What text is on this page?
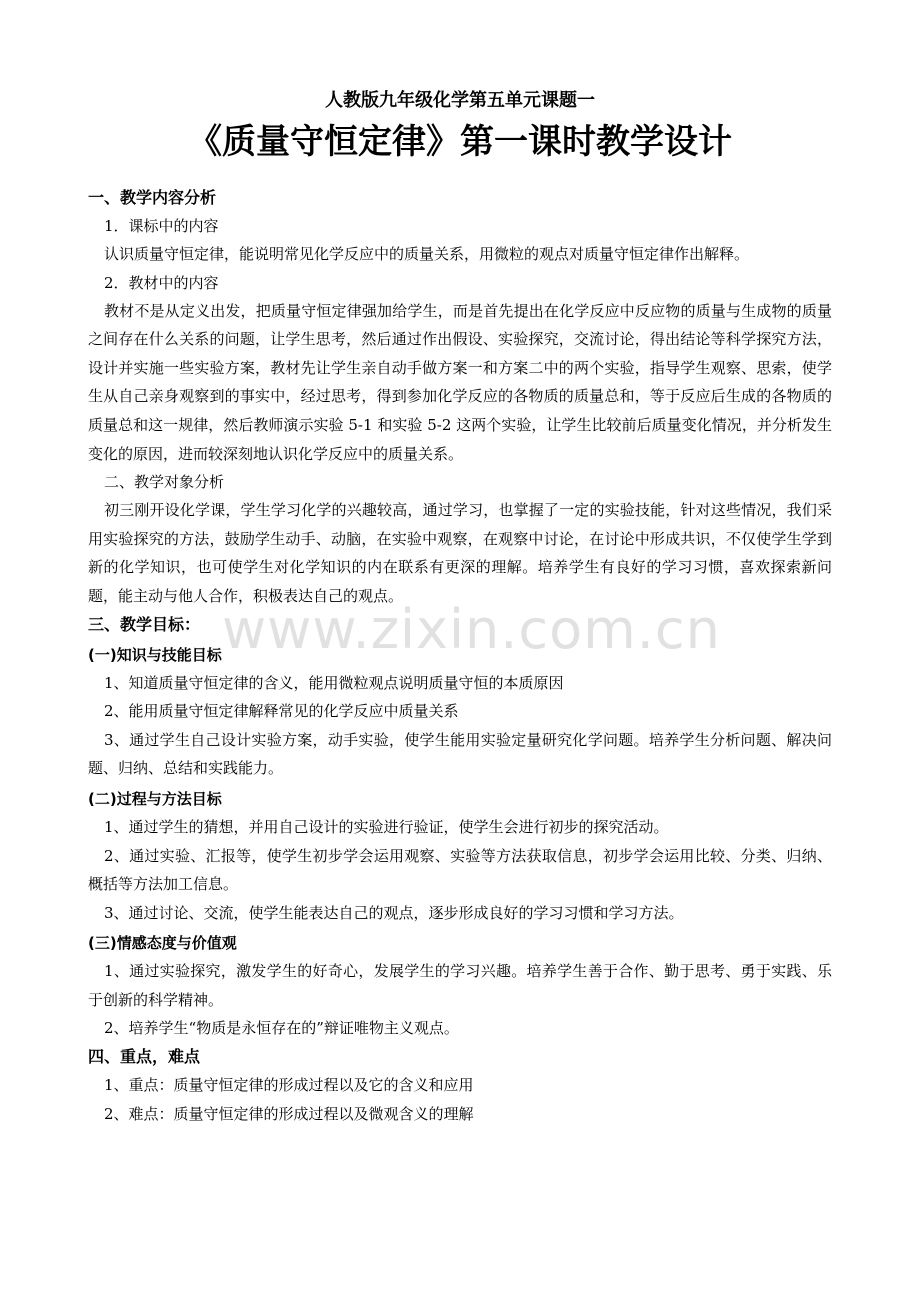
人教版九年级化学第五单元课题一
《质量守恒定律》第一课时教学设计
一、教学内容分析
1．课标中的内容

认识质量守恒定律，能说明常见化学反应中的质量关系，用微粒的观点对质量守恒定律作出解释。

2．教材中的内容

教材不是从定义出发，把质量守恒定律强加给学生，而是首先提出在化学反应中反应物的质量与生成物的质量之间存在什么关系的问题，让学生思考，然后通过作出假设、实验探究，交流讨论，得出结论等科学探究方法，设计并实施一些实验方案，教材先让学生亲自动手做方案一和方案二中的两个实验，指导学生观察、思索，使学生从自己亲身观察到的事实中，经过思考，得到参加化学反应的各物质的质量总和，等于反应后生成的各物质的质量总和这一规律，然后教师演示实验 5-1 和实验 5-2 这两个实验，让学生比较前后质量变化情况，并分析发生变化的原因，进而较深刻地认识化学反应中的质量关系。

二、教学对象分析

初三刚开设化学课，学生学习化学的兴趣较高，通过学习，也掌握了一定的实验技能，针对这些情况，我们采用实验探究的方法，鼓励学生动手、动脑，在实验中观察，在观察中讨论，在讨论中形成共识，不仅使学生学到新的化学知识，也可使学生对化学知识的内在联系有更深的理解。培养学生有良好的学习习惯，喜欢探索新问题，能主动与他人合作，积极表达自己的观点。

三、教学目标：
(一)知识与技能目标

1、知道质量守恒定律的含义，能用微粒观点说明质量守恒的本质原因

2、能用质量守恒定律解释常见的化学反应中质量关系

3、通过学生自己设计实验方案，动手实验，使学生能用实验定量研究化学问题。培养学生分析问题、解决问题、归纳、总结和实践能力。

(二)过程与方法目标

1、通过学生的猜想，并用自己设计的实验进行验证，使学生会进行初步的探究活动。

2、通过实验、汇报等，使学生初步学会运用观察、实验等方法获取信息，初步学会运用比较、分类、归纳、概括等方法加工信息。

3、通过讨论、交流，使学生能表达自己的观点，逐步形成良好的学习习惯和学习方法。

(三)情感态度与价值观

1、通过实验探究，激发学生的好奇心，发展学生的学习兴趣。培养学生善于合作、勤于思考、勇于实践、乐于创新的科学精神。

2、培养学生“物质是永恒存在的”辩证唯物主义观点。

四、重点，难点

1、重点：质量守恒定律的形成过程以及它的含义和应用

2、难点：质量守恒定律的形成过程以及微观含义的理解

www.zixin.com.cn
